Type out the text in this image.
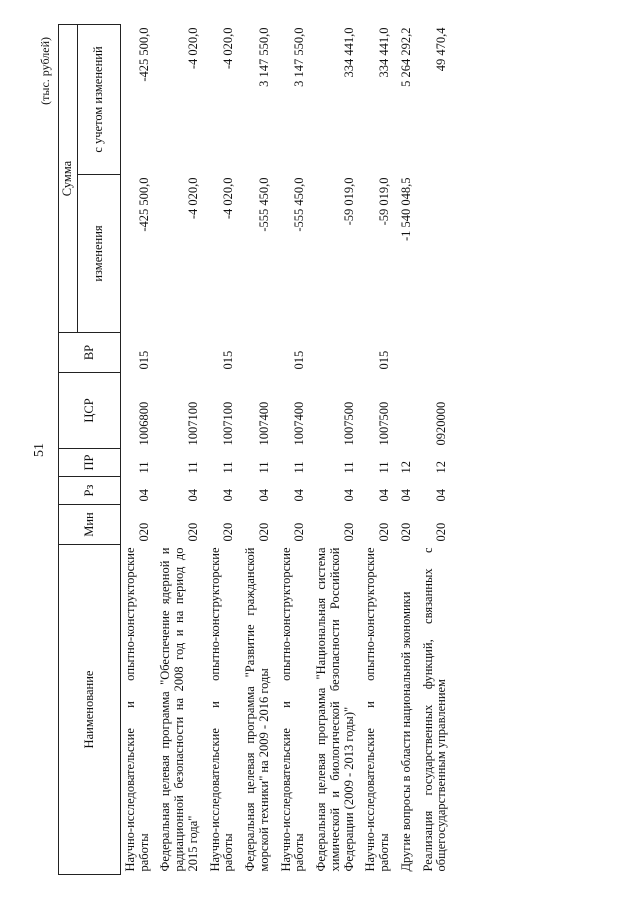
51
(тыс. рублей)
Наименование	Мин	Рз	ПР	ЦСР	ВР	Сумма	
						изменения	с учетом изменений
Научно-исследовательские и опытно-конструкторские работы	020	04	11	1006800	015	-425 500,0	-425 500,0
Федеральная целевая программа "Обеспечение ядерной и радиационной безопасности на 2008 год и на период до 2015 года"	020	04	11	1007100		-4 020,0	-4 020,0
Научно-исследовательские и опытно-конструкторские работы	020	04	11	1007100	015	-4 020,0	-4 020,0
Федеральная целевая программа "Развитие гражданской морской техники" на 2009 - 2016 годы	020	04	11	1007400		-555 450,0	3 147 550,0
Научно-исследовательские и опытно-конструкторские работы	020	04	11	1007400	015	-555 450,0	3 147 550,0
Федеральная целевая программа "Национальная система химической и биологической безопасности Российской Федерации (2009 - 2013 годы)"	020	04	11	1007500		-59 019,0	334 441,0
Научно-исследовательские и опытно-конструкторские работы	020	04	11	1007500	015	-59 019,0	334 441,0
Другие вопросы в области национальной экономики	020	04	12			-1 540 048,5	5 264 292,2
Реализация государственных функций, связанных с общегосударственным управлением	020	04	12	0920000			49 470,4
